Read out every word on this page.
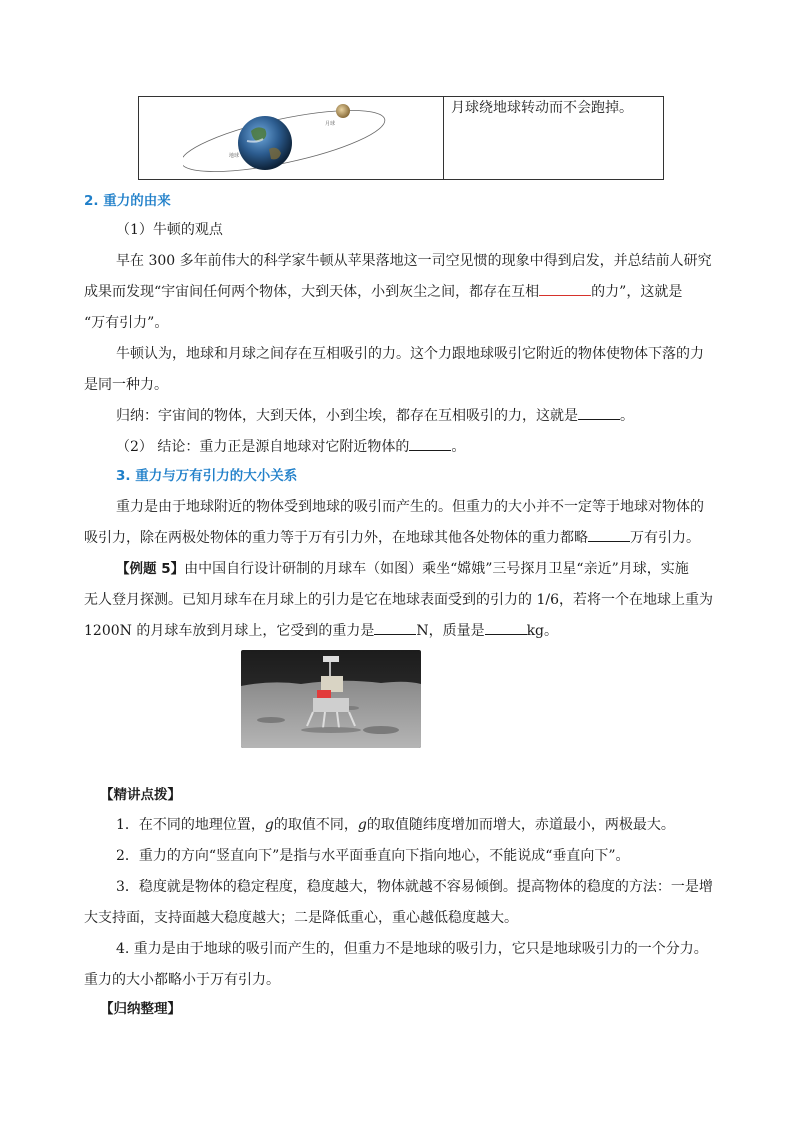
月球
地球
月球绕地球转动而不会跑掉。
2. 重力的由来
（1）牛顿的观点
早在 300 多年前伟大的科学家牛顿从苹果落地这一司空见惯的现象中得到启发，并总结前人研究
成果而发现“宇宙间任何两个物体，大到天体，小到灰尘之间，都存在互相	的力”，这就是
“万有引力”。
牛顿认为，地球和月球之间存在互相吸引的力。这个力跟地球吸引它附近的物体使物体下落的力
是同一种力。
归纳：宇宙间的物体，大到天体，小到尘埃，都存在互相吸引的力，这就是	。
（2） 结论：重力正是源自地球对它附近物体的	。
3. 重力与万有引力的大小关系
重力是由于地球附近的物体受到地球的吸引而产生的。但重力的大小并不一定等于地球对物体的
吸引力，除在两极处物体的重力等于万有引力外，在地球其他各处物体的重力都略	万有引力。
【例题 5】由中国自行设计研制的月球车（如图）乘坐“嫦娥”三号探月卫星“亲近”月球，实施
无人登月探测。已知月球车在月球上的引力是它在地球表面受到的引力的 1/6，若将一个在地球上重为
1200N 的月球车放到月球上，它受到的重力是	N，质量是	kg。
【精讲点拨】
1．在不同的地理位置，g的取值不同，g的取值随纬度增加而增大，赤道最小，两极最大。
2．重力的方向“竖直向下”是指与水平面垂直向下指向地心，不能说成“垂直向下”。
3．稳度就是物体的稳定程度，稳度越大，物体就越不容易倾倒。提高物体的稳度的方法：一是增
大支持面，支持面越大稳度越大；二是降低重心，重心越低稳度越大。
4. 重力是由于地球的吸引而产生的，但重力不是地球的吸引力，它只是地球吸引力的一个分力。
重力的大小都略小于万有引力。
【归纳整理】
